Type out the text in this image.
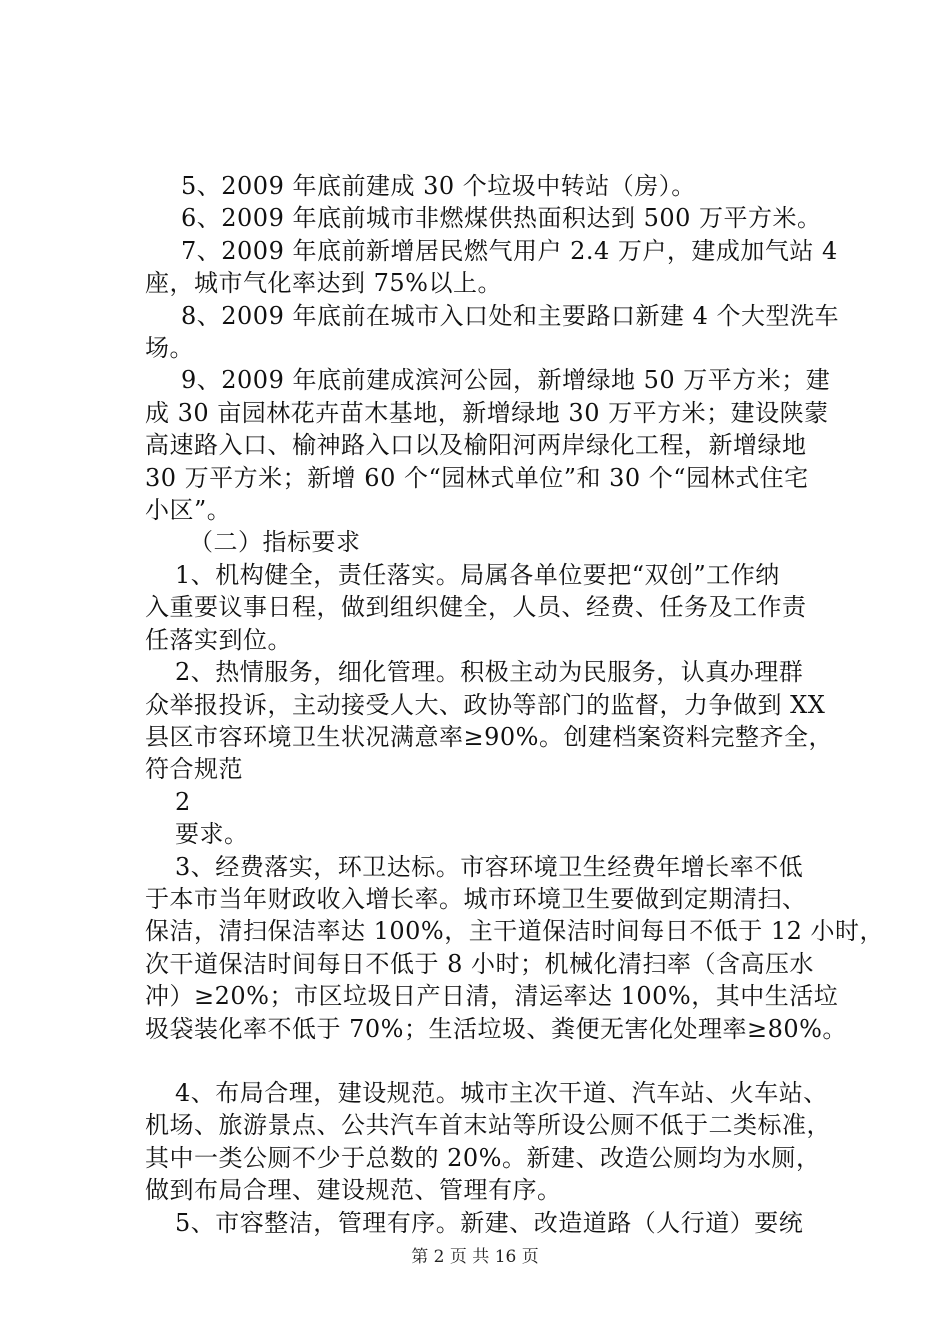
5、2009 年底前建成 30 个垃圾中转站（房）。

6、2009 年底前城市非燃煤供热面积达到 500 万平方米。

7、2009 年底前新增居民燃气用户 2.4 万户，建成加气站 4

座，城市气化率达到 75%以上。

8、2009 年底前在城市入口处和主要路口新建 4 个大型洗车

场。

9、2009 年底前建成滨河公园，新增绿地 50 万平方米；建

成 30 亩园林花卉苗木基地，新增绿地 30 万平方米；建设陕蒙

高速路入口、榆神路入口以及榆阳河两岸绿化工程，新增绿地

30 万平方米；新增 60 个“园林式单位”和 30 个“园林式住宅

小区”。

（二）指标要求

1、机构健全，责任落实。局属各单位要把“双创”工作纳

入重要议事日程，做到组织健全，人员、经费、任务及工作责

任落实到位。

2、热情服务，细化管理。积极主动为民服务，认真办理群

众举报投诉，主动接受人大、政协等部门的监督，力争做到 XX

县区市容环境卫生状况满意率≥90%。创建档案资料完整齐全，

符合规范

2

要求。

3、经费落实，环卫达标。市容环境卫生经费年增长率不低

于本市当年财政收入增长率。城市环境卫生要做到定期清扫、

保洁，清扫保洁率达 100%，主干道保洁时间每日不低于 12 小时，

次干道保洁时间每日不低于 8 小时；机械化清扫率（含高压水

冲）≥20%；市区垃圾日产日清，清运率达 100%，其中生活垃

圾袋装化率不低于 70%；生活垃圾、粪便无害化处理率≥80%。

4、布局合理，建设规范。城市主次干道、汽车站、火车站、

机场、旅游景点、公共汽车首末站等所设公厕不低于二类标准，

其中一类公厕不少于总数的 20%。新建、改造公厕均为水厕，

做到布局合理、建设规范、管理有序。

5、市容整洁，管理有序。新建、改造道路（人行道）要统

第 2 页 共 16 页
